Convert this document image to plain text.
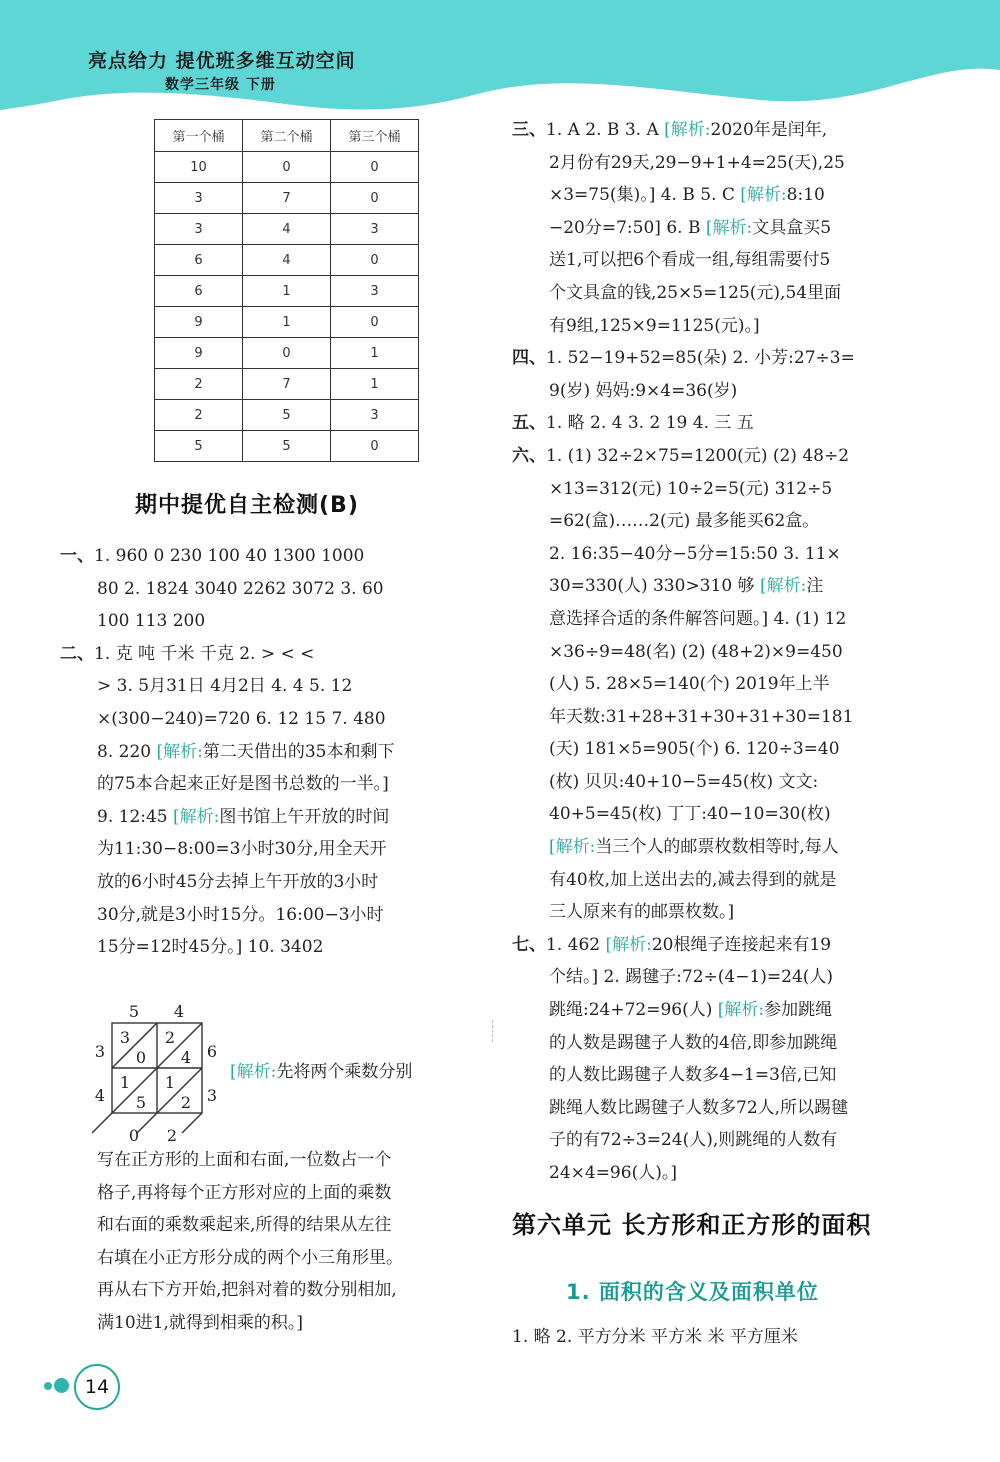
亮点给力 提优班多维互动空间
数学三年级 下册
第一个桶	第二个桶	第三个桶
10	0	0
3	7	0
3	4	3
6	4	0
6	1	3
9	1	0
9	0	1
2	7	1
2	5	3
5	5	0
期中提优自主检测(B)

一、1. 960 0 230 100 40 1300 1000

80 2. 1824 3040 2262 3072 3. 60

100 113 200

二、1. 克 吨 千米 千克 2. > < <

> 3. 5月31日 4月2日 4. 4 5. 12

×(300−240)=720 6. 12 15 7. 480

8. 220 [解析:第二天借出的35本和剩下

的75本合起来正好是图书总数的一半。]

9. 12:45 [解析:图书馆上午开放的时间

为11:30−8:00=3小时30分,用全天开

放的6小时45分去掉上午开放的3小时

30分,就是3小时15分。16:00−3小时

15分=12时45分。] 10. 3402

5 4
3
4
6
3
0 2
3
0
2
4
1
5
1
2
[解析:先将两个乘数分别

写在正方形的上面和右面,一位数占一个

格子,再将每个正方形对应的上面的乘数

和右面的乘数乘起来,所得的结果从左往

右填在小正方形分成的两个小三角形里。

再从右下方开始,把斜对着的数分别相加,

满10进1,就得到相乘的积。]

三、1. A 2. B 3. A [解析:2020年是闰年,

2月份有29天,29−9+1+4=25(天),25

×3=75(集)。] 4. B 5. C [解析:8:10

−20分=7:50] 6. B [解析:文具盒买5

送1,可以把6个看成一组,每组需要付5

个文具盒的钱,25×5=125(元),54里面

有9组,125×9=1125(元)。]

四、1. 52−19+52=85(朵) 2. 小芳:27÷3=

9(岁) 妈妈:9×4=36(岁)

五、1. 略 2. 4 3. 2 19 4. 三 五

六、1. (1) 32÷2×75=1200(元) (2) 48÷2

×13=312(元) 10÷2=5(元) 312÷5

=62(盒)……2(元) 最多能买62盒。

2. 16:35−40分−5分=15:50 3. 11×

30=330(人) 330>310 够 [解析:注

意选择合适的条件解答问题。] 4. (1) 12

×36÷9=48(名) (2) (48+2)×9=450

(人) 5. 28×5=140(个) 2019年上半

年天数:31+28+31+30+31+30=181

(天) 181×5=905(个) 6. 120÷3=40

(枚) 贝贝:40+10−5=45(枚) 文文:

40+5=45(枚) 丁丁:40−10=30(枚)

[解析:当三个人的邮票枚数相等时,每人

有40枚,加上送出去的,减去得到的就是

三人原来有的邮票枚数。]

七、1. 462 [解析:20根绳子连接起来有19

个结。] 2. 踢毽子:72÷(4−1)=24(人)

跳绳:24+72=96(人) [解析:参加跳绳

的人数是踢毽子人数的4倍,即参加跳绳

的人数比踢毽子人数多4−1=3倍,已知

跳绳人数比踢毽子人数多72人,所以踢毽

子的有72÷3=24(人),则跳绳的人数有

24×4=96(人)。]

第六单元 长方形和正方形的面积
1. 面积的含义及面积单位
1. 略 2. 平方分米 平方米 米 平方厘米
14
